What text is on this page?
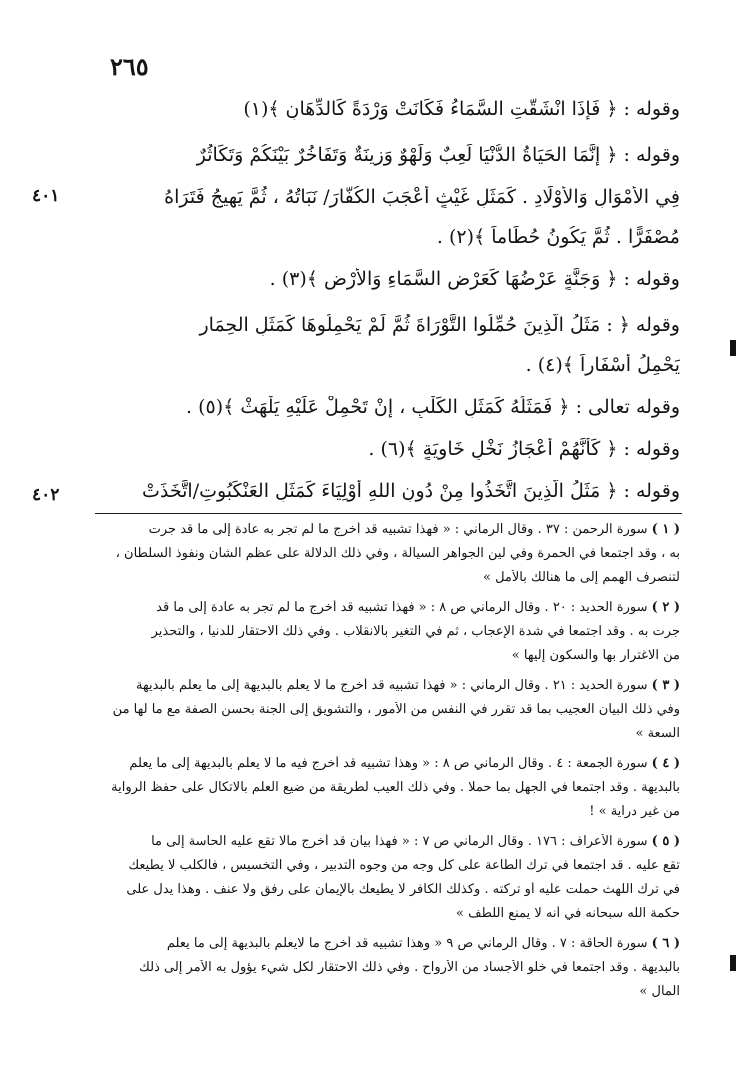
٢٦٥
٤٠١
٤٠٢
وقوله : ﴿ فَإِذَا انْشَقَّتِ السَّمَاءُ فَكَانَتْ وَرْدَةً كَالدِّهَانِ ﴾(١)
وقوله : ﴿ إِنَّمَا الحَيَاةُ الدُّنْيَا لَعِبٌ وَلَهْوٌ وَزِينَةٌ وَتَفَاخُرٌ بَيْنَكُمْ وَتَكَاثُرٌ
فِي الأَمْوَالِ وَالأَوْلَادِ . كَمَثَلِ غَيْثٍ أَعْجَبَ الكُفَّارَ/ نَبَاتُهُ ، ثُمَّ يَهِيجُ فَتَرَاهُ
مُصْفَرًّا . ثُمَّ يَكُونُ حُطَاماً ﴾(٢) .
وقوله : ﴿ وَجَنَّةٍ عَرْضُهَا كَعَرْضِ السَّمَاءِ وَالأَرْضِ ﴾(٣) .
وقوله ﴿ : مَثَلُ الَّذِينَ حُمِّلُوا التَّوْرَاةَ ثُمَّ لَمْ يَحْمِلُوهَا كَمَثَلِ الحِمَارِ
يَحْمِلُ أَسْفَاراً ﴾(٤) .
وقوله تعالى : ﴿ فَمَثَلُهُ كَمَثَلِ الكَلْبِ ، إِنْ تَحْمِلْ عَلَيْهِ يَلْهَثْ ﴾(٥) .
وقوله : ﴿ كَأَنَّهُمْ أَعْجَازُ نَخْلٍ خَاوِيَةٍ ﴾(٦) .
وقوله : ﴿ مَثَلُ الَّذِينَ اتَّخَذُوا مِنْ دُونِ اللهِ أَوْلِيَاءَ كَمَثَلِ العَنْكَبُوتِ/اتَّخَذَتْ
( ١ ) سورة الرحمن : ٣٧ . وقال الرماني : « فهذا تشبيه قد أخرج ما لم تجر به عادة إلى ما قد جرت
به ، وقد اجتمعا في الحمرة وفي لين الجواهر السيالة ، وفي ذلك الدلالة على عظم الشأن ونفوذ السلطان ،
لتنصرف الهمم إلى ما هنالك بالأمل »
( ٢ ) سورة الحديد : ٢٠ . وقال الرماني ص ٨ : « فهذا تشبيه قد أخرج ما لم تجر به عادة إلى ما قد
جرت به . وقد اجتمعا في شدة الإعجاب ، ثم في التغير بالانقلاب . وفي ذلك الاحتقار للدنيا ، والتحذير
من الاغترار بها والسكون إليها »
( ٣ ) سورة الحديد : ٢١ . وقال الرماني : « فهذا تشبيه قد أخرج ما لا يعلم بالبديهة إلى ما يعلم بالبديهة
وفي ذلك البيان العجيب بما قد تقرر في النفس من الأمور ، والتشويق إلى الجنة بحسن الصفة مع ما لها من
السعة »
( ٤ ) سورة الجمعة : ٤ . وقال الرماني ص ٨ : « وهذا تشبيه قد أخرج فيه ما لا يعلم بالبديهة إلى ما يعلم
بالبديهة . وقد اجتمعا في الجهل بما حملا . وفي ذلك العيب لطريقة من ضيع العلم بالاتكال على حفظ الرواية
من غير دراية » !
( ٥ ) سورة الأعراف : ١٧٦ . وقال الرماني ص ٧ : « فهذا بيان قد أخرج مالا تقع عليه الحاسة إلى ما
تقع عليه . قد اجتمعا في ترك الطاعة على كل وجه من وجوه التدبير ، وفي التخسيس ، فالكلب لا يطيعك
في ترك اللهث حملت عليه أو تركته . وكذلك الكافر لا يطيعك بالإيمان على رفق ولا عنف . وهذا يدل على
حكمة الله سبحانه في أنه لا يمنع اللطف »
( ٦ ) سورة الحاقة : ٧ . وقال الرماني ص ٩ « وهذا تشبيه قد أخرج ما لايعلم بالبديهة إلى ما يعلم
بالبديهة . وقد اجتمعا في خلو الأجساد من الأرواح . وفي ذلك الاحتقار لكل شيء يؤول به الأمر إلى ذلك
المآل »
